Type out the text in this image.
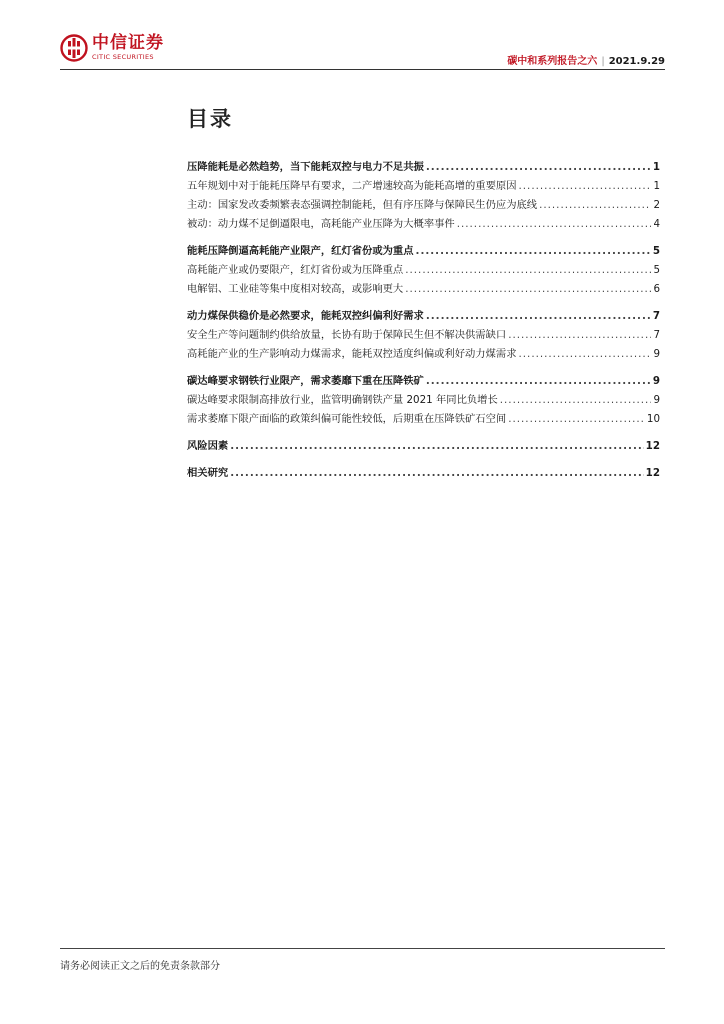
中信证券
CITIC SECURITIES	碳中和系列报告之六 | 2021.9.29
目录
压降能耗是必然趋势，当下能耗双控与电力不足共振 .....	1
五年规划中对于能耗压降早有要求，二产增速较高为能耗高增的重要原因 .....	1
主动：国家发改委频繁表态强调控制能耗，但有序压降与保障民生仍应为底线 .....	2
被动：动力煤不足倒逼限电，高耗能产业压降为大概率事件 .....	4
能耗压降倒逼高耗能产业限产，红灯省份或为重点 .....	5
高耗能产业或仍要限产，红灯省份或为压降重点 .....	5
电解铝、工业硅等集中度相对较高，或影响更大 .....	6
动力煤保供稳价是必然要求，能耗双控纠偏利好需求 .....	7
安全生产等问题制约供给放量，长协有助于保障民生但不解决供需缺口 .....	7
高耗能产业的生产影响动力煤需求，能耗双控适度纠偏或利好动力煤需求 .....	9
碳达峰要求钢铁行业限产，需求萎靡下重在压降铁矿 .....	9
碳达峰要求限制高排放行业，监管明确钢铁产量 2021 年同比负增长 .....	9
需求萎靡下限产面临的政策纠偏可能性较低，后期重在压降铁矿石空间 .....	10
风险因素 .....	12
相关研究 .....	12
请务必阅读正文之后的免责条款部分
